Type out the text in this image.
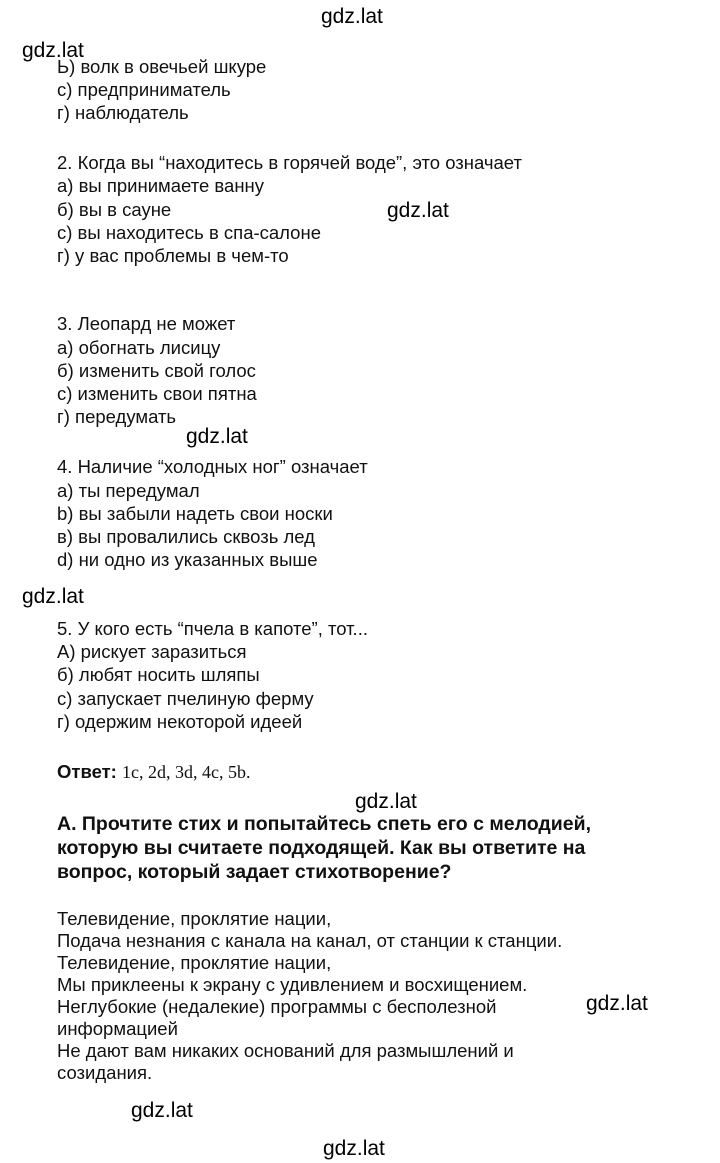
gdz.lat
gdz.lat
gdz.lat
gdz.lat
gdz.lat
gdz.lat
gdz.lat
gdz.lat
gdz.lat
Ь) волк в овечьей шкуре
c) предприниматель
г) наблюдатель
2. Когда вы “находитесь в горячей воде”, это означает
а) вы принимаете ванну
б) вы в сауне
с) вы находитесь в спа-салоне
г) у вас проблемы в чем-то
3. Леопард не может
а) обогнать лисицу
б) изменить свой голос
с) изменить свои пятна
г) передумать
4. Наличие “холодных ног” означает
а) ты передумал
b) вы забыли надеть свои носки
в) вы провалились сквозь лед
d) ни одно из указанных выше
5. У кого есть “пчела в капоте”, тот...
А) рискует заразиться
б) любят носить шляпы
с) запускает пчелиную ферму
г) одержим некоторой идеей
Ответ: 1c, 2d, 3d, 4c, 5b.
А. Прочтите стих и попытайтесь спеть его с мелодией, которую вы считаете подходящей. Как вы ответите на вопрос, который задает стихотворение?
Телевидение, проклятие нации,
Подача незнания с канала на канал, от станции к станции.
Телевидение, проклятие нации,
Мы приклеены к экрану с удивлением и восхищением.
Неглубокие (недалекие) программы с бесполезной информацией
Не дают вам никаких оснований для размышлений и созидания.
